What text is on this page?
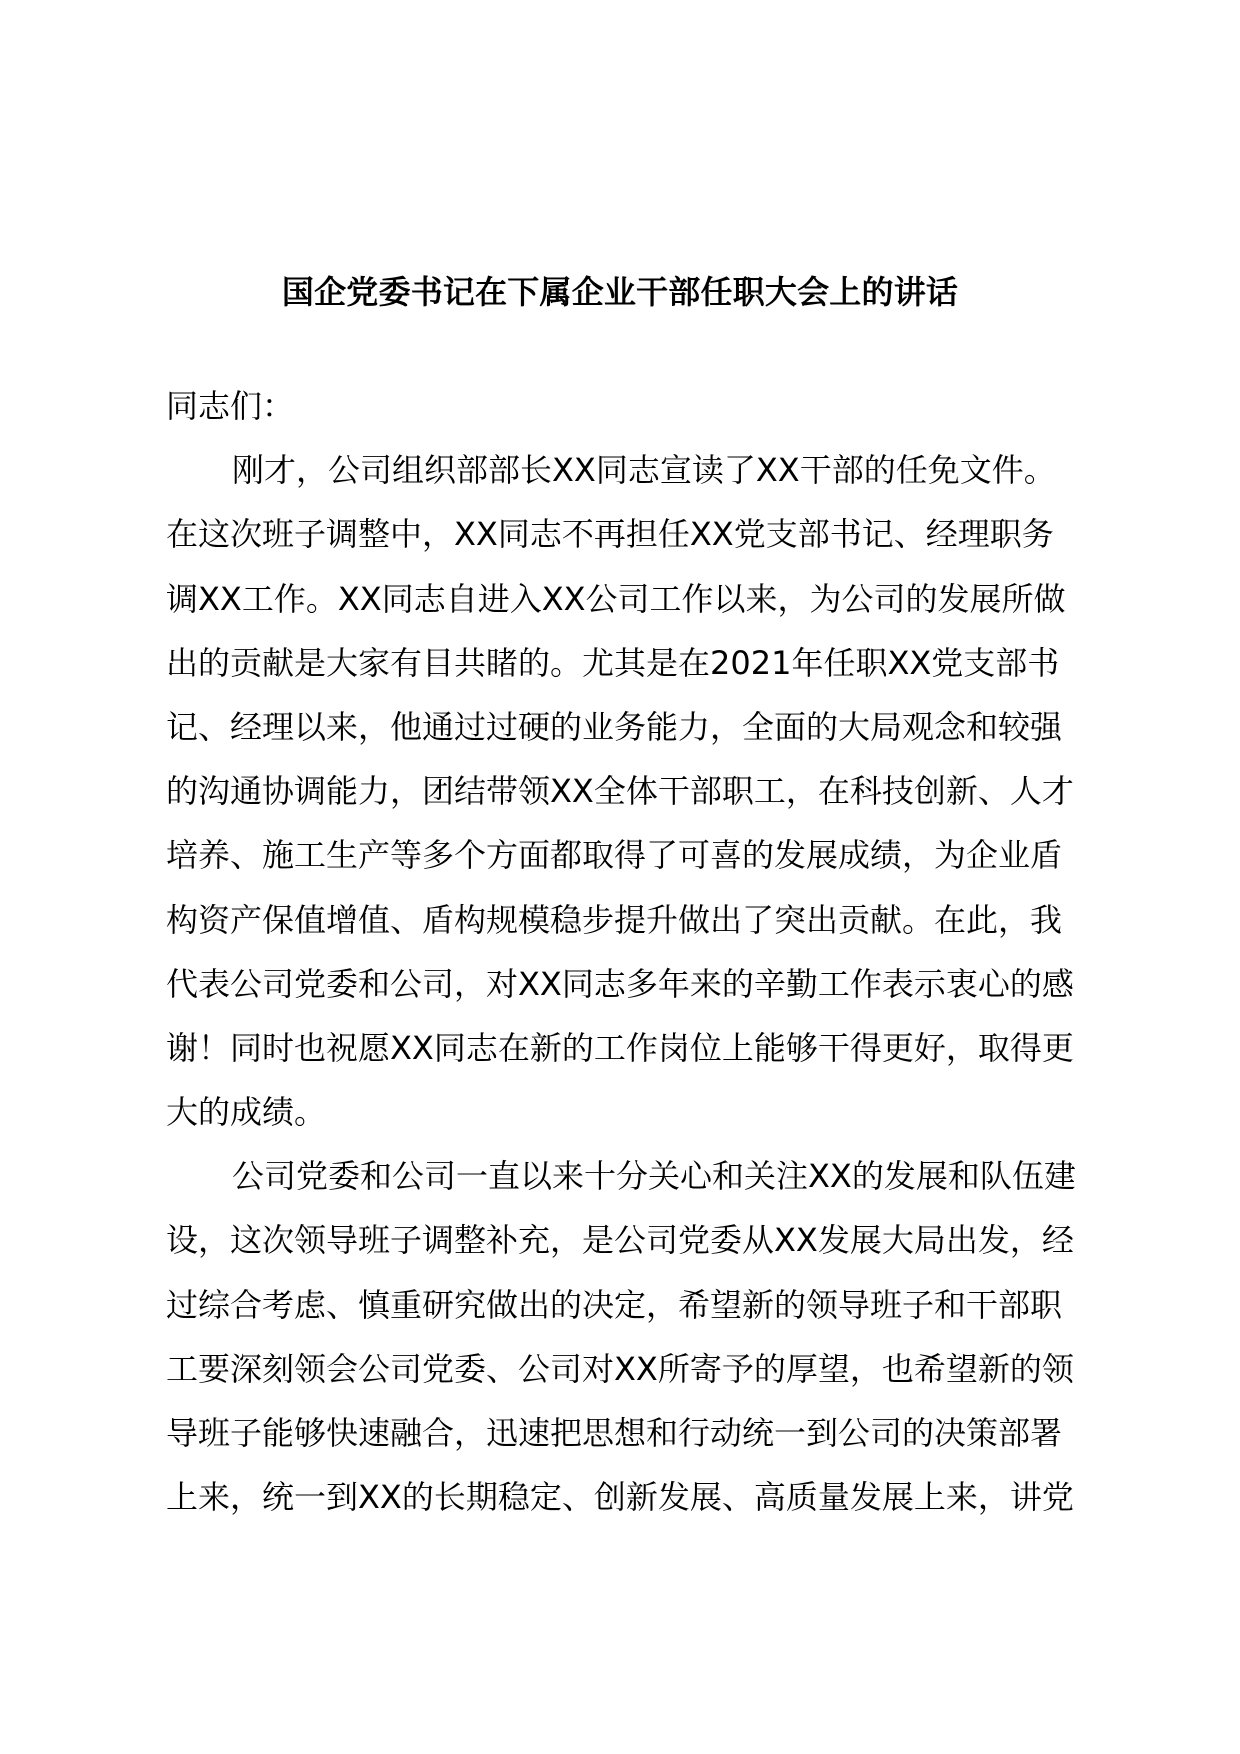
国企党委书记在下属企业干部任职大会上的讲话
同志们：
刚才，公司组织部部长XX同志宣读了XX干部的任免文件。
在这次班子调整中，XX同志不再担任XX党支部书记、经理职务
调XX工作。XX同志自进入XX公司工作以来，为公司的发展所做
出的贡献是大家有目共睹的。尤其是在2021年任职XX党支部书
记、经理以来，他通过过硬的业务能力，全面的大局观念和较强
的沟通协调能力，团结带领XX全体干部职工，在科技创新、人才
培养、施工生产等多个方面都取得了可喜的发展成绩，为企业盾
构资产保值增值、盾构规模稳步提升做出了突出贡献。在此，我
代表公司党委和公司，对XX同志多年来的辛勤工作表示衷心的感
谢！同时也祝愿XX同志在新的工作岗位上能够干得更好，取得更
大的成绩。
公司党委和公司一直以来十分关心和关注XX的发展和队伍建
设，这次领导班子调整补充，是公司党委从XX发展大局出发，经
过综合考虑、慎重研究做出的决定，希望新的领导班子和干部职
工要深刻领会公司党委、公司对XX所寄予的厚望，也希望新的领
导班子能够快速融合，迅速把思想和行动统一到公司的决策部署
上来，统一到XX的长期稳定、创新发展、高质量发展上来，讲党
